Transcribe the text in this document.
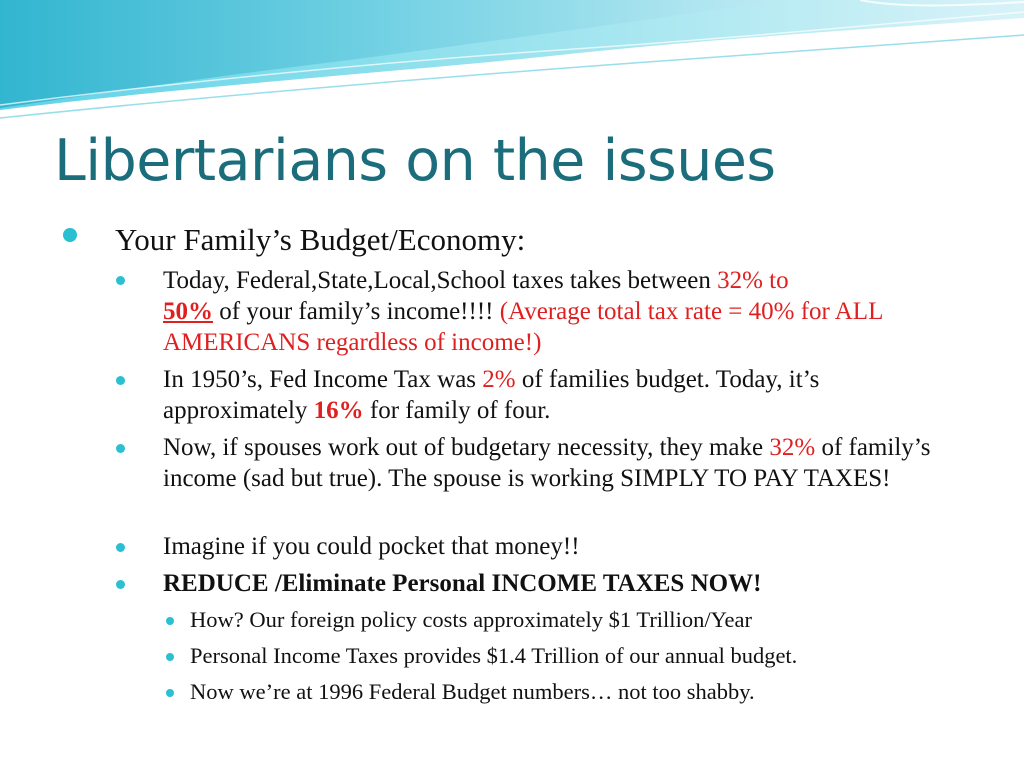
Libertarians on the issues
Your Family’s Budget/Economy:
Today, Federal,State,Local,School taxes takes between 32% to
50% of your family’s income!!!! (Average total tax rate = 40% for ALL AMERICANS regardless of income!)
In 1950’s, Fed Income Tax was 2% of families budget. Today, it’s approximately 16% for family of four.
Now, if spouses work out of budgetary necessity, they make 32% of family’s income (sad but true). The spouse is working SIMPLY TO PAY TAXES!
Imagine if you could pocket that money!!
REDUCE /Eliminate Personal INCOME TAXES NOW!
How? Our foreign policy costs approximately $1 Trillion/Year
Personal Income Taxes provides $1.4 Trillion of our annual budget.
Now we’re at 1996 Federal Budget numbers… not too shabby.
